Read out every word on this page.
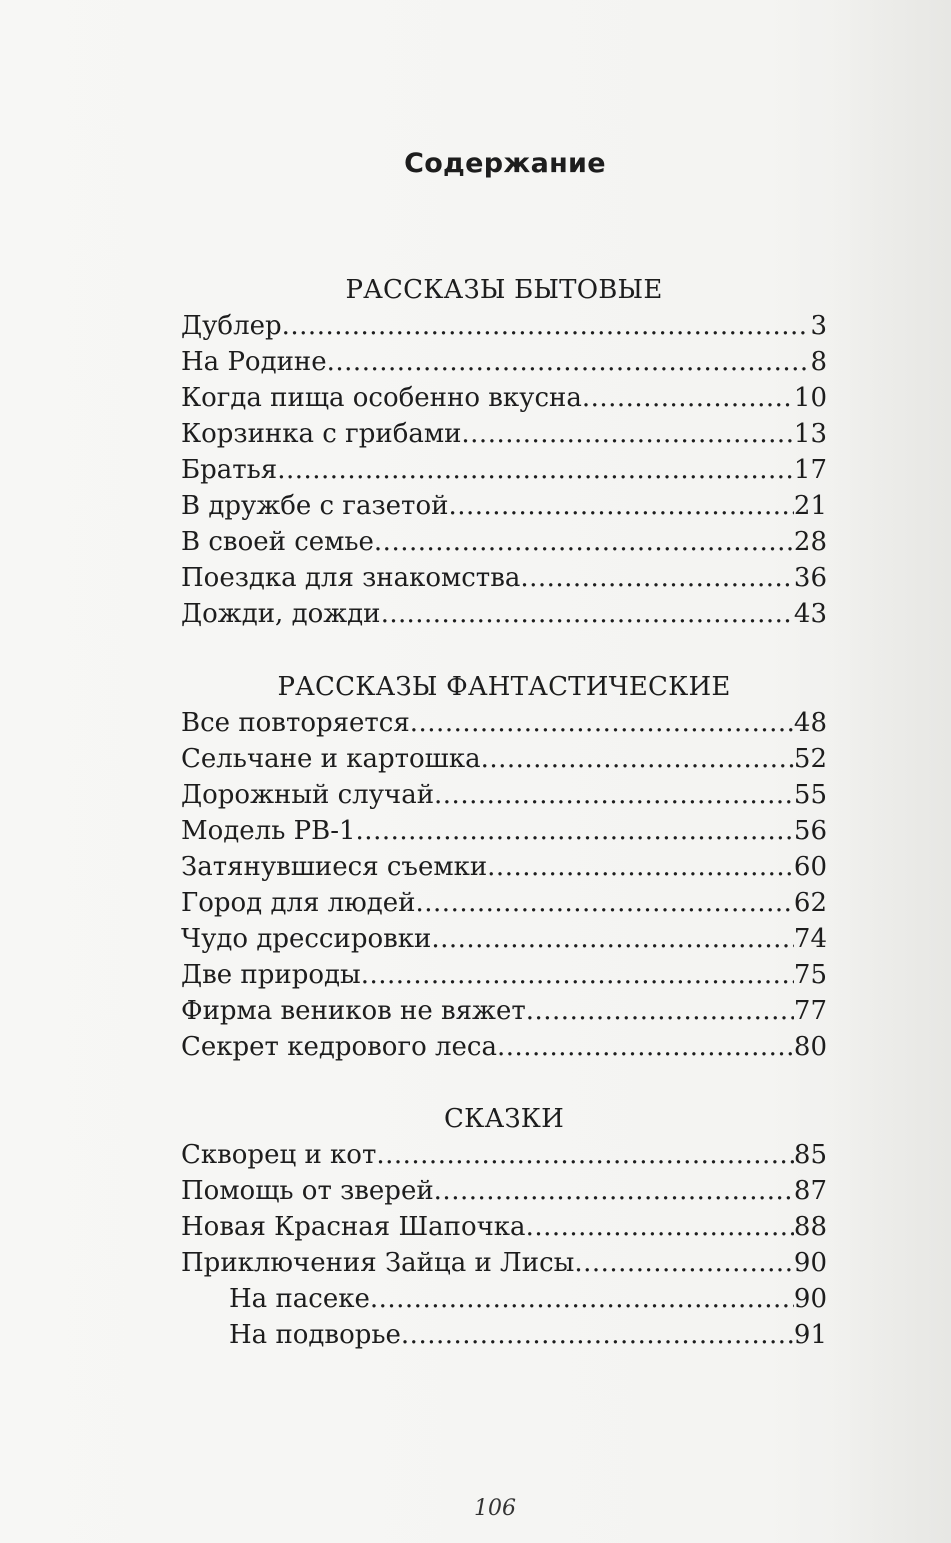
Содержание
РАССКАЗЫ БЫТОВЫЕ
Дублер .....	3
На Родине .....	8
Когда пища особенно вкусна .....	10
Корзинка с грибами .....	13
Братья .....	17
В дружбе с газетой .....	21
В своей семье .....	28
Поездка для знакомства .....	36
Дожди, дожди… .....	43
РАССКАЗЫ ФАНТАСТИЧЕСКИЕ
Все повторяется .....	48
Сельчане и картошка .....	52
Дорожный случай .....	55
Модель РВ-1 .....	56
Затянувшиеся съемки .....	60
Город для людей .....	62
Чудо дрессировки .....	74
Две природы .....	75
Фирма веников не вяжет .....	77
Секрет кедрового леса .....	80
СКАЗКИ
Скворец и кот .....	85
Помощь от зверей .....	87
Новая Красная Шапочка .....	88
Приключения Зайца и Лисы .....	90
На пасеке .....	90
На подворье .....	91
106
